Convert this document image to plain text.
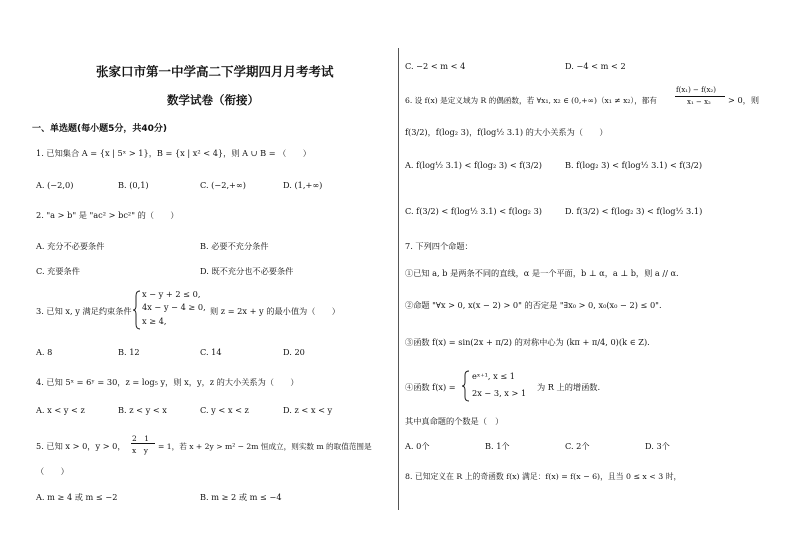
张家口市第一中学高二下学期四月月考考试
数学试卷（衔接）
一、单选题(每小题5分，共40分)
1. 已知集合 A = {x | 5ˣ > 1}，B = {x | x² < 4}，则 A ∪ B = （　　）
A. (−2,0)	B. (0,1)	C. (−2,+∞)	D. (1,+∞)
2. "a > b" 是 "ac² > bc²" 的（　　）
A. 充分不必要条件	B. 必要不充分条件
C. 充要条件	D. 既不充分也不必要条件
3. 已知 x, y 满足约束条件
x − y + 2 ≤ 0,
4x − y − 4 ≥ 0,
x ≥ 4,
则 z = 2x + y 的最小值为（　　）
A. 8	B. 12	C. 14	D. 20
4. 已知 5ˣ = 6ʸ = 30，z = log₅ y，则 x，y，z 的大小关系为（　　）
A. x < y < z	B. z < y < x	C. y < x < z	D. z < x < y
5. 已知 x > 0，y > 0，
2　1
x　y = 1，若 x + 2y > m² − 2m 恒成立，则实数 m 的取值范围是
（　　）
A. m ≥ 4 或 m ≤ −2	B. m ≥ 2 或 m ≤ −4
C. −2 < m < 4	D. −4 < m < 2
6. 设 f(x) 是定义域为 R 的偶函数，若 ∀x₁, x₂ ∈ (0,+∞)（x₁ ≠ x₂），都有
f(x₁) − f(x₂)
x₁ − x₂ > 0，则
f(3/2)，f(log₂ 3)，f(log½ 3.1) 的大小关系为（　　）
A. f(log½ 3.1) < f(log₂ 3) < f(3/2)	B. f(log₂ 3) < f(log½ 3.1) < f(3/2)
C. f(3/2) < f(log½ 3.1) < f(log₂ 3)	D. f(3/2) < f(log₂ 3) < f(log½ 3.1)
7. 下列四个命题：
①已知 a, b 是两条不同的直线，α 是一个平面，b ⊥ α，a ⊥ b，则 a // α.
②命题 "∀x > 0, x(x − 2) > 0" 的否定是 "∃x₀ > 0, x₀(x₀ − 2) ≤ 0".
③函数 f(x) = sin(2x + π/2) 的对称中心为 (kπ + π/4, 0)(k ∈ Z).
④函数 f(x) =
eˣ⁺¹, x ≤ 1
2x − 3, x > 1
为 R 上的增函数.
其中真命题的个数是（　）
A. 0个	B. 1个	C. 2个	D. 3个
8. 已知定义在 R 上的奇函数 f(x) 满足：f(x) = f(x − 6)，且当 0 ≤ x < 3 时，
